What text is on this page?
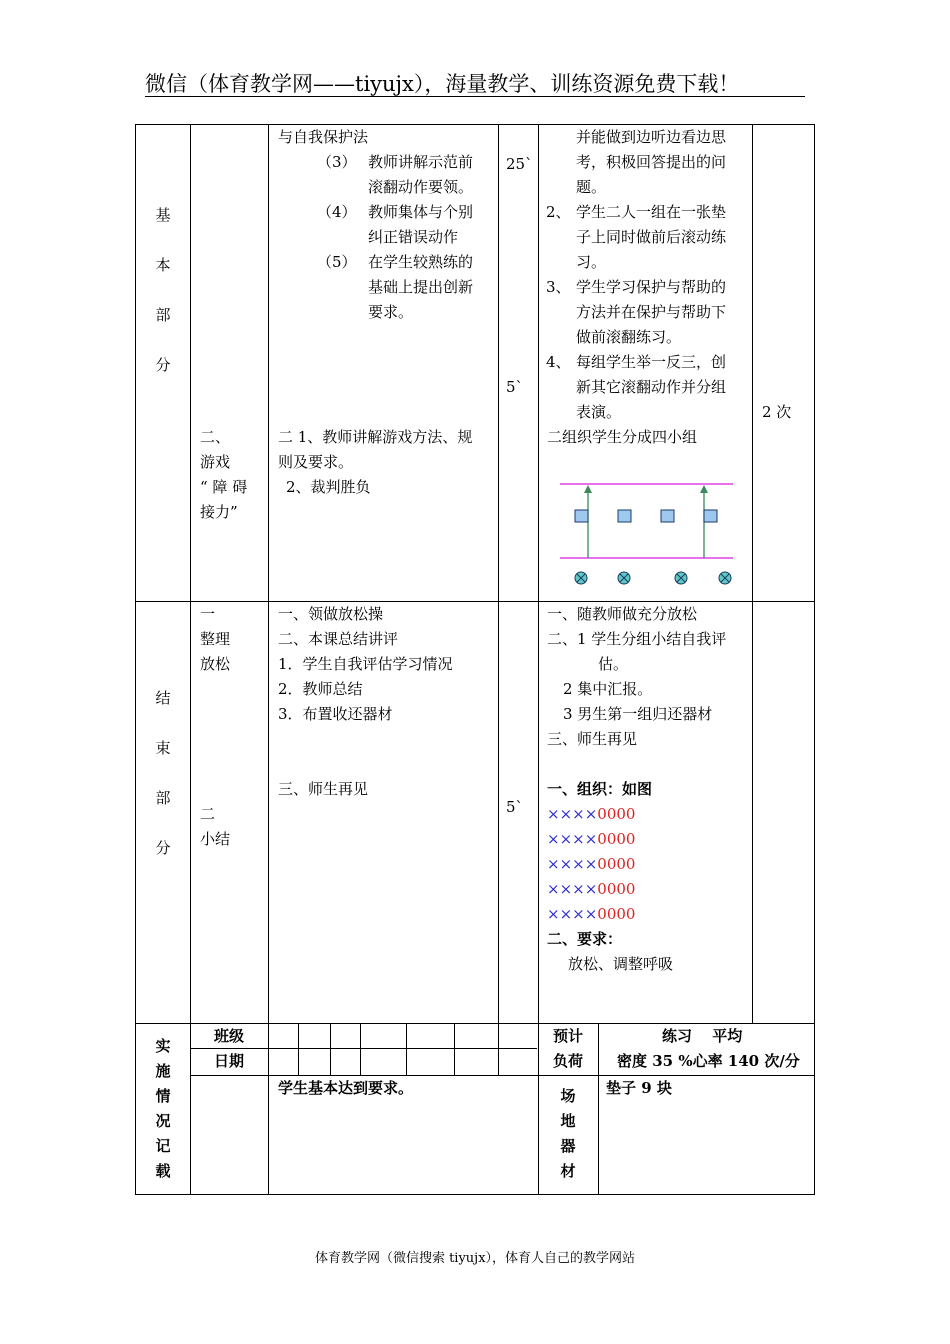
微信（体育教学网——tiyujx），海量教学、训练资源免费下载！
基
本
部
分
与自我保护法
（3） 教师讲解示范前
滚翻动作要领。
（4） 教师集体与个别
纠正错误动作
（5） 在学生较熟练的
基础上提出创新
要求。
25`
5`
并能做到边听边看边思
考，积极回答提出的问
题。
2、 学生二人一组在一张垫
子上同时做前后滚动练
习。
3、 学生学习保护与帮助的
方法并在保护与帮助下
做前滚翻练习。
4、 每组学生举一反三，创
新其它滚翻动作并分组
表演。	2 次
二、
游戏
“ 障 碍
接力”
二 1、教师讲解游戏方法、规
则及要求。
2、裁判胜负
二组织学生分成四小组
结
束
部
分
一
整理
放松
二
小结
一、领做放松操
二、本课总结讲评
1．学生自我评估学习情况
2．教师总结
3．布置收还器材
三、师生再见
5`
一、随教师做充分放松
二、1 学生分组小结自我评
估。
2 集中汇报。
3 男生第一组归还器材
三、师生再见
一、组织：如图
××××0000
××××0000
××××0000
××××0000
××××0000
二、要求：
放松、调整呼吸
实
施
情
况
记
载
班级
日期
预计
负荷
练习　 平均
密度 35 %心率 140 次/分
学生基本达到要求。	场
地
器
材
垫子 9 块
体育教学网（微信搜索 tiyujx），体育人自己的教学网站
